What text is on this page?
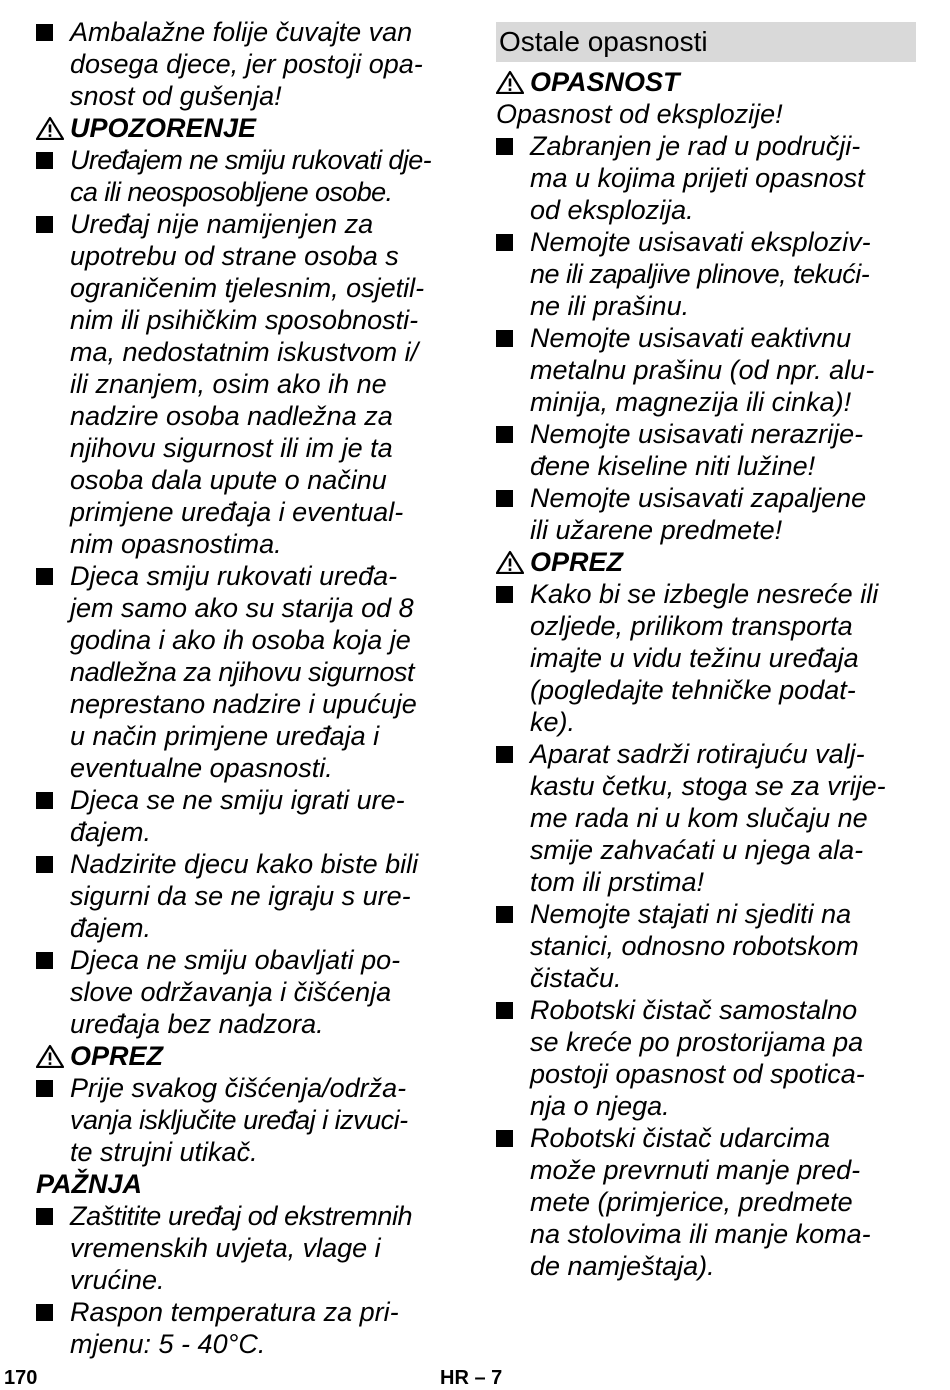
Ambalažne folije čuvajte van
dosega djece, jer postoji opa-
snost od gušenja!
UPOZORENJE
Uređajem ne smiju rukovati dje-
ca ili neosposobljene osobe.
Uređaj nije namijenjen za
upotrebu od strane osoba s
ograničenim tjelesnim, osjetil-
nim ili psihičkim sposobnosti-
ma, nedostatnim iskustvom i/
ili znanjem, osim ako ih ne
nadzire osoba nadležna za
njihovu sigurnost ili im je ta
osoba dala upute o načinu
primjene uređaja i eventual-
nim opasnostima.
Djeca smiju rukovati uređa-
jem samo ako su starija od 8
godina i ako ih osoba koja je
nadležna za njihovu sigurnost
neprestano nadzire i upućuje
u način primjene uređaja i
eventualne opasnosti.
Djeca se ne smiju igrati ure-
đajem.
Nadzirite djecu kako biste bili
sigurni da se ne igraju s ure-
đajem.
Djeca ne smiju obavljati po-
slove održavanja i čišćenja
uređaja bez nadzora.
OPREZ
Prije svakog čišćenja/održa-
vanja isključite uređaj i izvuci-
te strujni utikač.
PAŽNJA
Zaštitite uređaj od ekstremnih
vremenskih uvjeta, vlage i
vrućine.
Raspon temperatura za pri-
mjenu: 5 - 40°C.
Ostale opasnosti
OPASNOST
Opasnost od eksplozije!
Zabranjen je rad u područji-
ma u kojima prijeti opasnost
od eksplozija.
Nemojte usisavati eksploziv-
ne ili zapaljive plinove, tekući-
ne ili prašinu.
Nemojte usisavati eaktivnu
metalnu prašinu (od npr. alu-
minija, magnezija ili cinka)!
Nemojte usisavati nerazrije-
đene kiseline niti lužine!
Nemojte usisavati zapaljene
ili užarene predmete!
OPREZ
Kako bi se izbegle nesreće ili
ozljede, prilikom transporta
imajte u vidu težinu uređaja
(pogledajte tehničke podat-
ke).
Aparat sadrži rotirajuću valj-
kastu četku, stoga se za vrije-
me rada ni u kom slučaju ne
smije zahvaćati u njega ala-
tom ili prstima!
Nemojte stajati ni sjediti na
stanici, odnosno robotskom
čistaču.
Robotski čistač samostalno
se kreće po prostorijama pa
postoji opasnost od spotica-
nja o njega.
Robotski čistač udarcima
može prevrnuti manje pred-
mete (primjerice, predmete
na stolovima ili manje koma-
de namještaja).
170	HR – 7
